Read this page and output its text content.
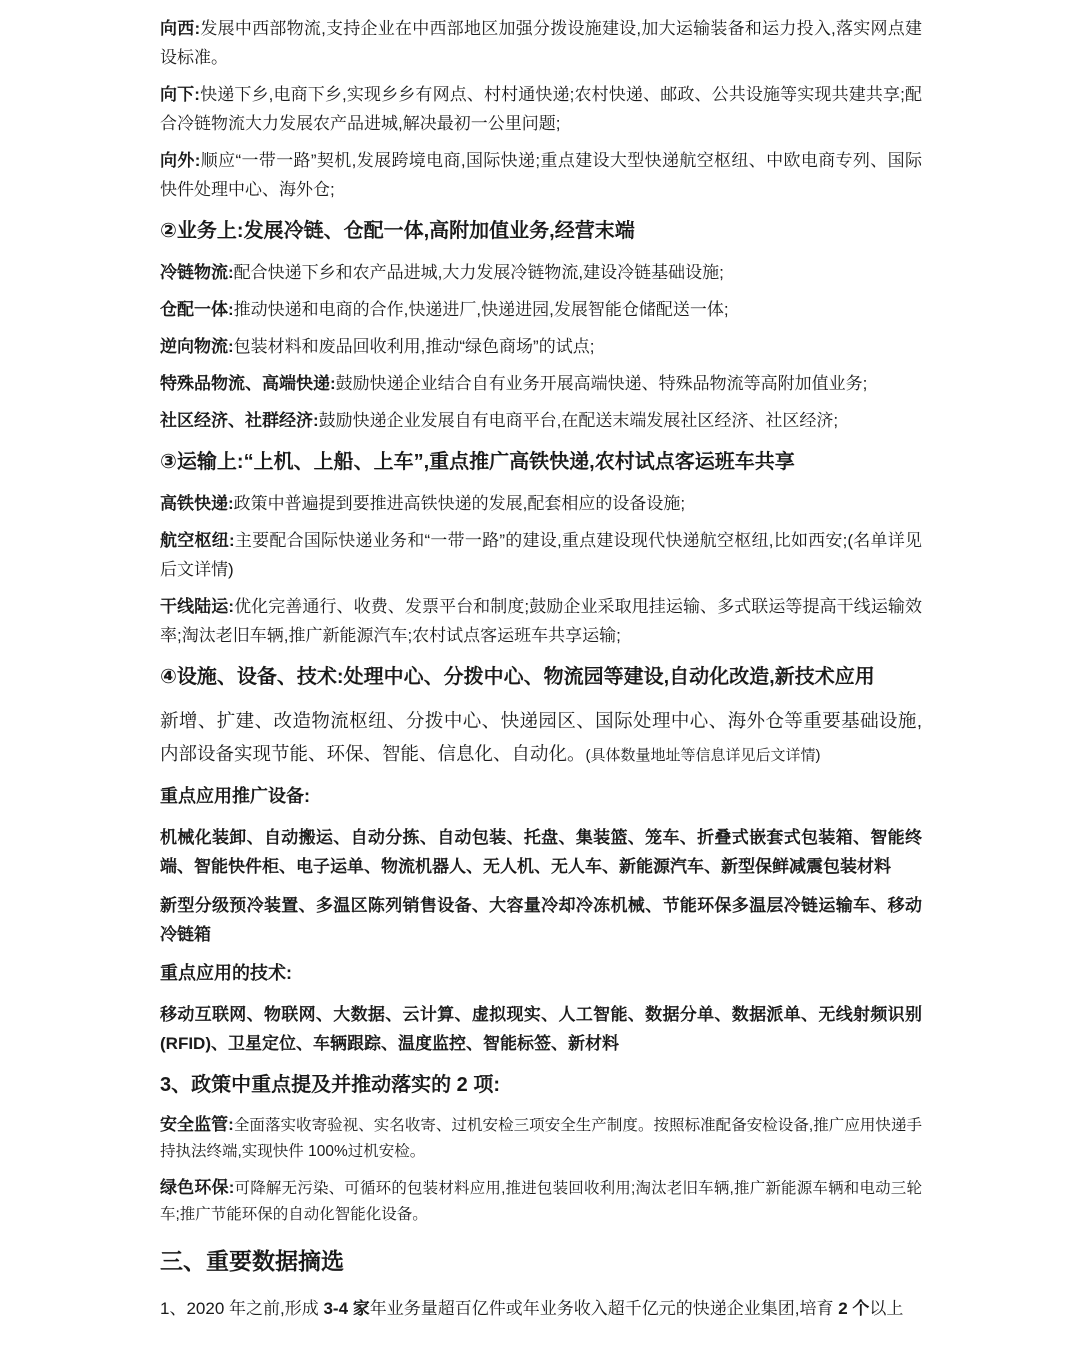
向西:发展中西部物流,支持企业在中西部地区加强分拨设施建设,加大运输装备和运力投入,落实网点建设标准。

向下:快递下乡,电商下乡,实现乡乡有网点、村村通快递;农村快递、邮政、公共设施等实现共建共享;配合冷链物流大力发展农产品进城,解决最初一公里问题;

向外:顺应“一带一路”契机,发展跨境电商,国际快递;重点建设大型快递航空枢纽、中欧电商专列、国际快件处理中心、海外仓;

②业务上:发展冷链、仓配一体,高附加值业务,经营末端

冷链物流:配合快递下乡和农产品进城,大力发展冷链物流,建设冷链基础设施;

仓配一体:推动快递和电商的合作,快递进厂,快递进园,发展智能仓储配送一体;

逆向物流:包装材料和废品回收利用,推动“绿色商场”的试点;

特殊品物流、高端快递:鼓励快递企业结合自有业务开展高端快递、特殊品物流等高附加值业务;

社区经济、社群经济:鼓励快递企业发展自有电商平台,在配送末端发展社区经济、社区经济;

③运输上:“上机、上船、上车”,重点推广高铁快递,农村试点客运班车共享

高铁快递:政策中普遍提到要推进高铁快递的发展,配套相应的设备设施;

航空枢纽:主要配合国际快递业务和“一带一路”的建设,重点建设现代快递航空枢纽,比如西安;(名单详见后文详情)

干线陆运:优化完善通行、收费、发票平台和制度;鼓励企业采取甩挂运输、多式联运等提高干线运输效率;淘汰老旧车辆,推广新能源汽车;农村试点客运班车共享运输;

④设施、设备、技术:处理中心、分拨中心、物流园等建设,自动化改造,新技术应用

新增、扩建、改造物流枢纽、分拨中心、快递园区、国际处理中心、海外仓等重要基础设施,内部设备实现节能、环保、智能、信息化、自动化。(具体数量地址等信息详见后文详情)

重点应用推广设备:

机械化装卸、自动搬运、自动分拣、自动包装、托盘、集装篮、笼车、折叠式嵌套式包装箱、智能终端、智能快件柜、电子运单、物流机器人、无人机、无人车、新能源汽车、新型保鲜减震包装材料

新型分级预冷装置、多温区陈列销售设备、大容量冷却冷冻机械、节能环保多温层冷链运输车、移动冷链箱

重点应用的技术:

移动互联网、物联网、大数据、云计算、虚拟现实、人工智能、数据分单、数据派单、无线射频识别(RFID)、卫星定位、车辆跟踪、温度监控、智能标签、新材料

3、政策中重点提及并推动落实的 2 项:

安全监管:全面落实收寄验视、实名收寄、过机安检三项安全生产制度。按照标准配备安检设备,推广应用快递手持执法终端,实现快件 100%过机安检。

绿色环保:可降解无污染、可循环的包装材料应用,推进包装回收利用;淘汰老旧车辆,推广新能源车辆和电动三轮车;推广节能环保的自动化智能化设备。

三、重要数据摘选

1、2020 年之前,形成 3-4 家年业务量超百亿件或年业务收入超千亿元的快递企业集团,培育 2 个以上
